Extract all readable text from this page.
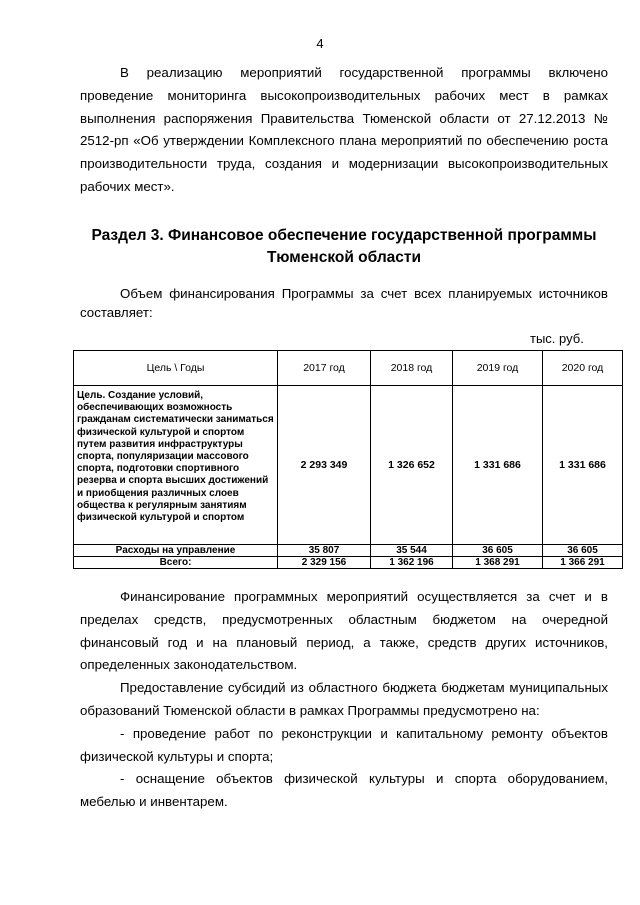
4

В реализацию мероприятий государственной программы включено проведение мониторинга высокопроизводительных рабочих мест в рамках выполнения распоряжения Правительства Тюменской области от 27.12.2013 № 2512-рп «Об утверждении Комплексного плана мероприятий по обеспечению роста производительности труда, создания и модернизации высокопроизводительных рабочих мест».

Раздел 3. Финансовое обеспечение государственной программы
Тюменской области

Объем финансирования Программы за счет всех планируемых источников составляет:

тыс. руб.
Цель \ Годы	2017 год	2018 год	2019 год	2020 год
Цель. Создание условий, обеспечивающих возможность гражданам систематически заниматься физической культурой и спортом путем развития инфраструктуры спорта, популяризации массового спорта, подготовки спортивного резерва и спорта высших достижений и приобщения различных слоев общества к регулярным занятиям физической культурой и спортом	2 293 349	1 326 652	1 331 686	1 331 686
Расходы на управление	35 807	35 544	36 605	36 605
Всего:	2 329 156	1 362 196	1 368 291	1 366 291

Финансирование программных мероприятий осуществляется за счет и в пределах средств, предусмотренных областным бюджетом на очередной финансовый год и на плановый период, а также, средств других источников, определенных законодательством.

Предоставление субсидий из областного бюджета бюджетам муниципальных образований Тюменской области в рамках Программы предусмотрено на:

- проведение работ по реконструкции и капитальному ремонту объектов физической культуры и спорта;

- оснащение объектов физической культуры и спорта оборудованием, мебелью и инвентарем.
